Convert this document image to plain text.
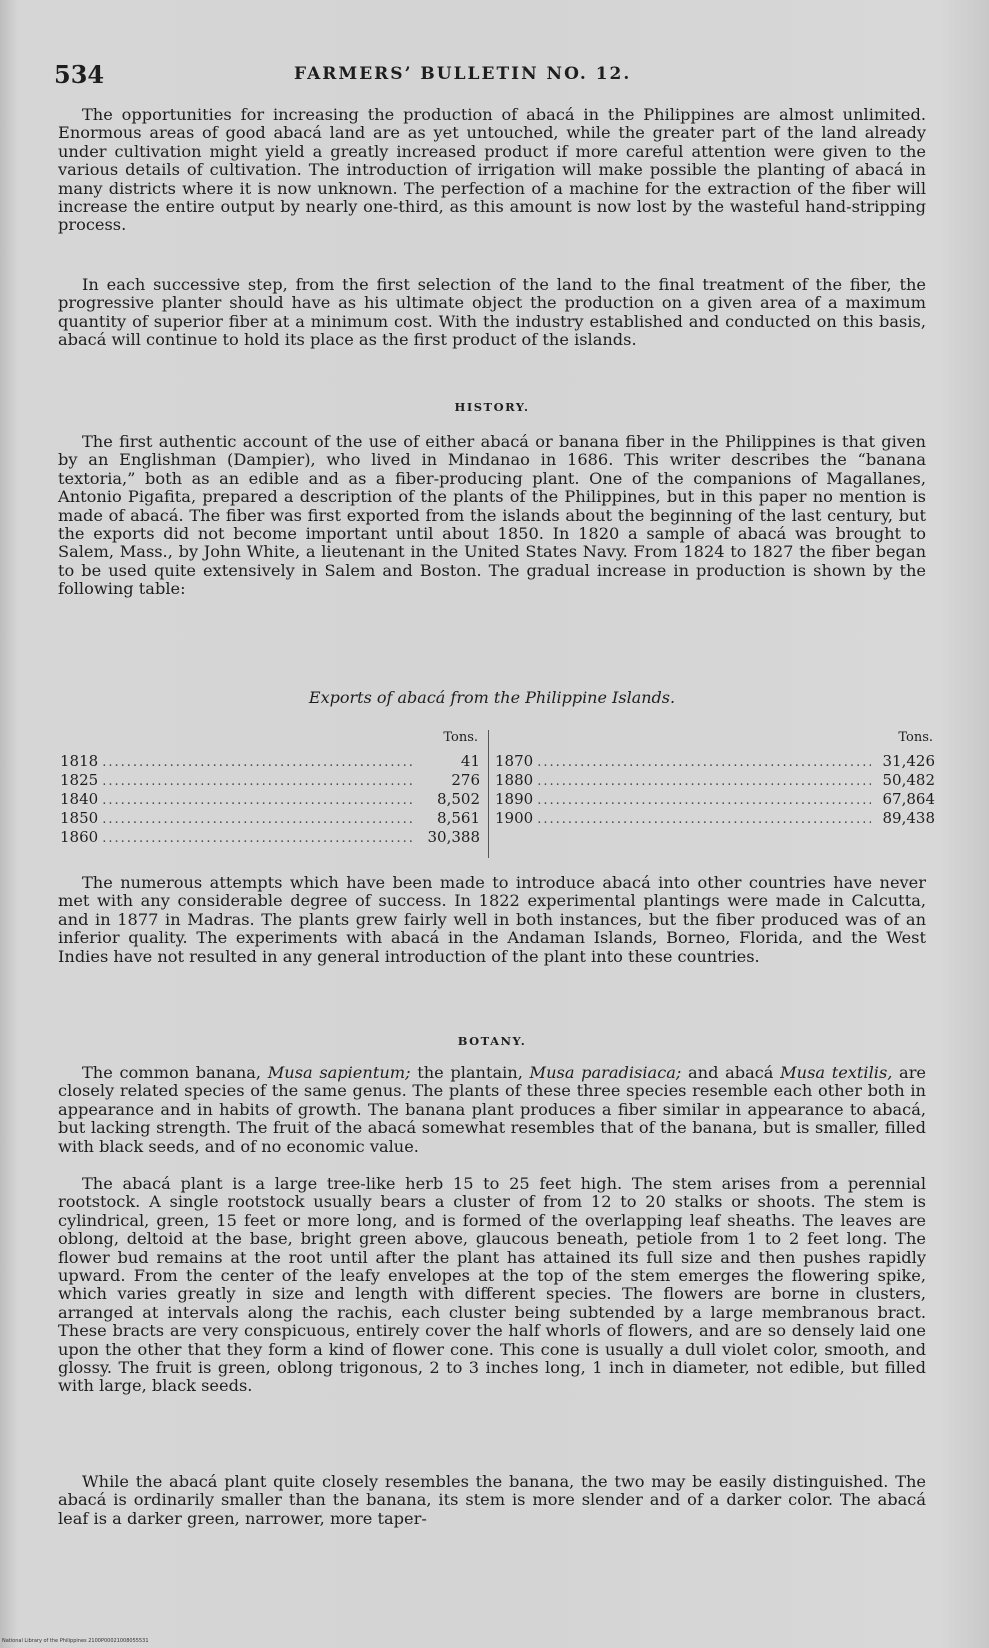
534	FARMERS’ BULLETIN NO. 12.

The opportunities for increasing the production of abacá in the Philippines are almost unlimited. Enormous areas of good abacá land are as yet untouched, while the greater part of the land already under cultivation might yield a greatly increased product if more careful attention were given to the various details of cultivation. The introduction of irrigation will make possible the planting of abacá in many districts where it is now unknown. The perfection of a machine for the extraction of the fiber will increase the entire output by nearly one-third, as this amount is now lost by the wasteful hand-stripping process.

In each successive step, from the first selection of the land to the final treatment of the fiber, the progressive planter should have as his ultimate object the production on a given area of a maximum quantity of superior fiber at a minimum cost. With the industry established and conducted on this basis, abacá will continue to hold its place as the first product of the islands.

HISTORY.

The first authentic account of the use of either abacá or banana fiber in the Philippines is that given by an Englishman (Dampier), who lived in Mindanao in 1686. This writer describes the “banana textoria,” both as an edible and as a fiber-producing plant. One of the companions of Magallanes, Antonio Pigafita, prepared a description of the plants of the Philippines, but in this paper no mention is made of abacá. The fiber was first exported from the islands about the beginning of the last century, but the exports did not become important until about 1850. In 1820 a sample of abacá was brought to Salem, Mass., by John White, a lieutenant in the United States Navy. From 1824 to 1827 the fiber began to be used quite extensively in Salem and Boston. The gradual increase in production is shown by the following table:

Exports of abacá from the Philippine Islands.
Tons.
1818 .....	41
1825 .....	276
1840 .....	8,502
1850 .....	8,561
1860 .....	30,388
Tons.
1870 .....	31,426
1880 .....	50,482
1890 .....	67,864
1900 .....	89,438

The numerous attempts which have been made to introduce abacá into other countries have never met with any considerable degree of success. In 1822 experimental plantings were made in Calcutta, and in 1877 in Madras. The plants grew fairly well in both instances, but the fiber produced was of an inferior quality. The experiments with abacá in the Andaman Islands, Borneo, Florida, and the West Indies have not resulted in any general introduction of the plant into these countries.

BOTANY.

The common banana, Musa sapientum; the plantain, Musa paradisiaca; and abacá Musa textilis, are closely related species of the same genus. The plants of these three species resemble each other both in appearance and in habits of growth. The banana plant produces a fiber similar in appearance to abacá, but lacking strength. The fruit of the abacá somewhat resembles that of the banana, but is smaller, filled with black seeds, and of no economic value.

The abacá plant is a large tree-like herb 15 to 25 feet high. The stem arises from a perennial rootstock. A single rootstock usually bears a cluster of from 12 to 20 stalks or shoots. The stem is cylindrical, green, 15 feet or more long, and is formed of the overlapping leaf sheaths. The leaves are oblong, deltoid at the base, bright green above, glaucous beneath, petiole from 1 to 2 feet long. The flower bud remains at the root until after the plant has attained its full size and then pushes rapidly upward. From the center of the leafy envelopes at the top of the stem emerges the flowering spike, which varies greatly in size and length with different species. The flowers are borne in clusters, arranged at intervals along the rachis, each cluster being subtended by a large membranous bract. These bracts are very conspicuous, entirely cover the half whorls of flowers, and are so densely laid one upon the other that they form a kind of flower cone. This cone is usually a dull violet color, smooth, and glossy. The fruit is green, oblong trigonous, 2 to 3 inches long, 1 inch in diameter, not edible, but filled with large, black seeds.

While the abacá plant quite closely resembles the banana, the two may be easily distinguished. The abacá is ordinarily smaller than the banana, its stem is more slender and of a darker color. The abacá leaf is a darker green, narrower, more taper-

National Library of the Philippines 2100P00021008055531
